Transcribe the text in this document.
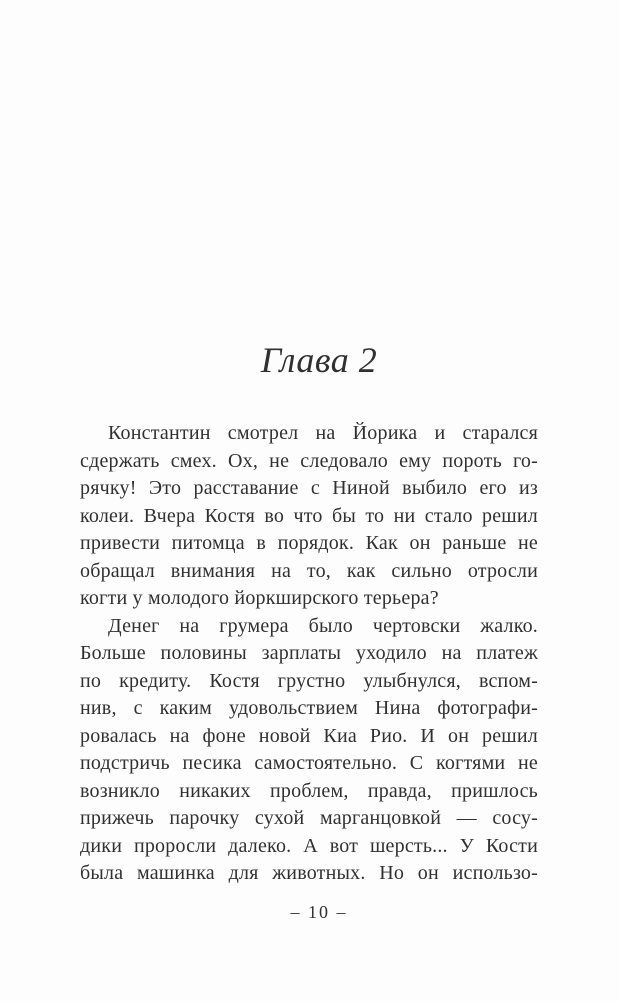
Глава 2
Константин смотрел на Йорика и старался
сдержать смех. Ох, не следовало ему пороть го-
рячку! Это расставание с Ниной выбило его из
колеи. Вчера Костя во что бы то ни стало решил
привести питомца в порядок. Как он раньше не
обращал внимания на то, как сильно отросли
когти у молодого йоркширского терьера?
Денег на грумера было чертовски жалко.
Больше половины зарплаты уходило на платеж
по кредиту. Костя грустно улыбнулся, вспом-
нив, с каким удовольствием Нина фотографи-
ровалась на фоне новой Киа Рио. И он решил
подстричь песика самостоятельно. С когтями не
возникло никаких проблем, правда, пришлось
прижечь парочку сухой марганцовкой — сосу-
дики проросли далеко. А вот шерсть... У Кости
была машинка для животных. Но он использо-
– 10 –
